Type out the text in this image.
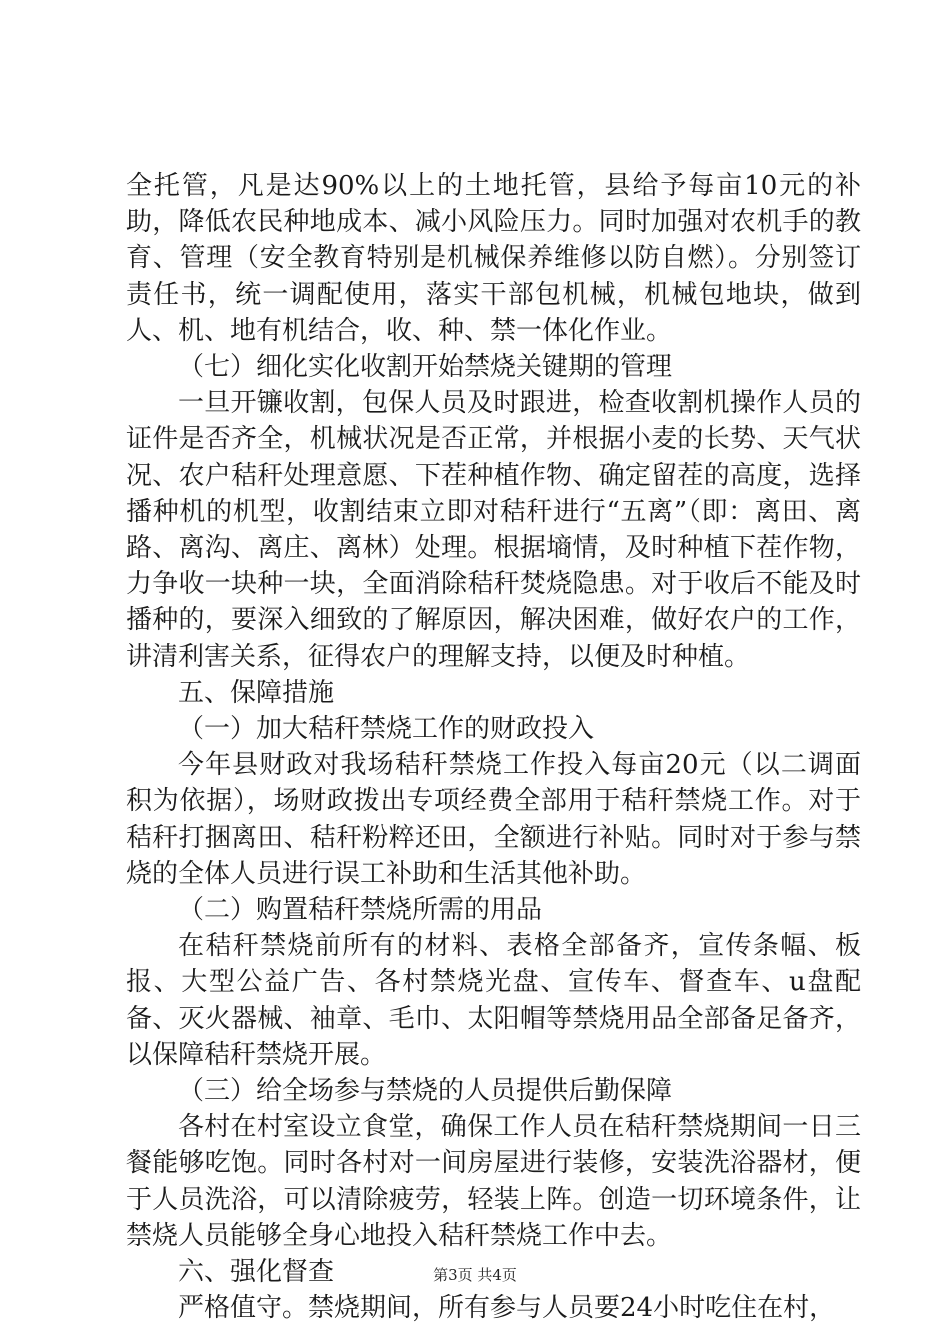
全托管，凡是达90%以上的土地托管，县给予每亩10元的补助，降低农民种地成本、减小风险压力。同时加强对农机手的教育、管理（安全教育特别是机械保养维修以防自燃）。分别签订责任书，统一调配使用，落实干部包机械，机械包地块，做到人、机、地有机结合，收、种、禁一体化作业。

（七）细化实化收割开始禁烧关键期的管理

一旦开镰收割，包保人员及时跟进，检查收割机操作人员的证件是否齐全，机械状况是否正常，并根据小麦的长势、天气状况、农户秸秆处理意愿、下茬种植作物、确定留茬的高度，选择播种机的机型，收割结束立即对秸秆进行“五离”（即：离田、离路、离沟、离庄、离林）处理。根据墒情，及时种植下茬作物，力争收一块种一块，全面消除秸秆焚烧隐患。对于收后不能及时播种的，要深入细致的了解原因，解决困难，做好农户的工作，讲清利害关系，征得农户的理解支持，以便及时种植。

五、保障措施

（一）加大秸秆禁烧工作的财政投入

今年县财政对我场秸秆禁烧工作投入每亩20元（以二调面积为依据），场财政拨出专项经费全部用于秸秆禁烧工作。对于秸秆打捆离田、秸秆粉粹还田，全额进行补贴。同时对于参与禁烧的全体人员进行误工补助和生活其他补助。

（二）购置秸秆禁烧所需的用品

在秸秆禁烧前所有的材料、表格全部备齐，宣传条幅、板报、大型公益广告、各村禁烧光盘、宣传车、督查车、u盘配备、灭火器械、袖章、毛巾、太阳帽等禁烧用品全部备足备齐，以保障秸秆禁烧开展。

（三）给全场参与禁烧的人员提供后勤保障

各村在村室设立食堂，确保工作人员在秸秆禁烧期间一日三餐能够吃饱。同时各村对一间房屋进行装修，安装洗浴器材，便于人员洗浴，可以清除疲劳，轻装上阵。创造一切环境条件，让禁烧人员能够全身心地投入秸秆禁烧工作中去。

六、强化督查

严格值守。禁烧期间，所有参与人员要24小时吃住在村，

第3页 共4页
